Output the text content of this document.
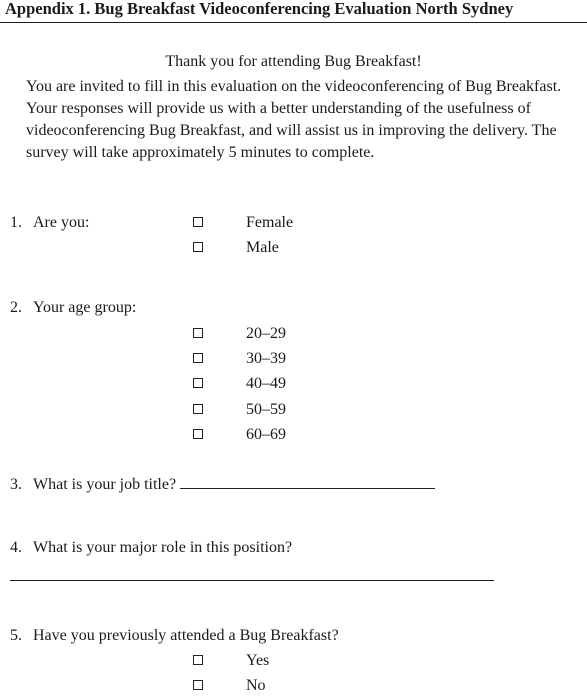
Appendix 1. Bug Breakfast Videoconferencing Evaluation North Sydney
Thank you for attending Bug Breakfast!
You are invited to fill in this evaluation on the videoconferencing of Bug Breakfast. Your responses will provide us with a better understanding of the usefulness of videoconferencing Bug Breakfast, and will assist us in improving the delivery. The survey will take approximately 5 minutes to complete.
1. Are you:	Female
Male
2. Your age group:
20–29
30–39
40–49
50–59
60–69
3. What is your job title?
4. What is your major role in this position?
5. Have you previously attended a Bug Breakfast?
Yes
No
